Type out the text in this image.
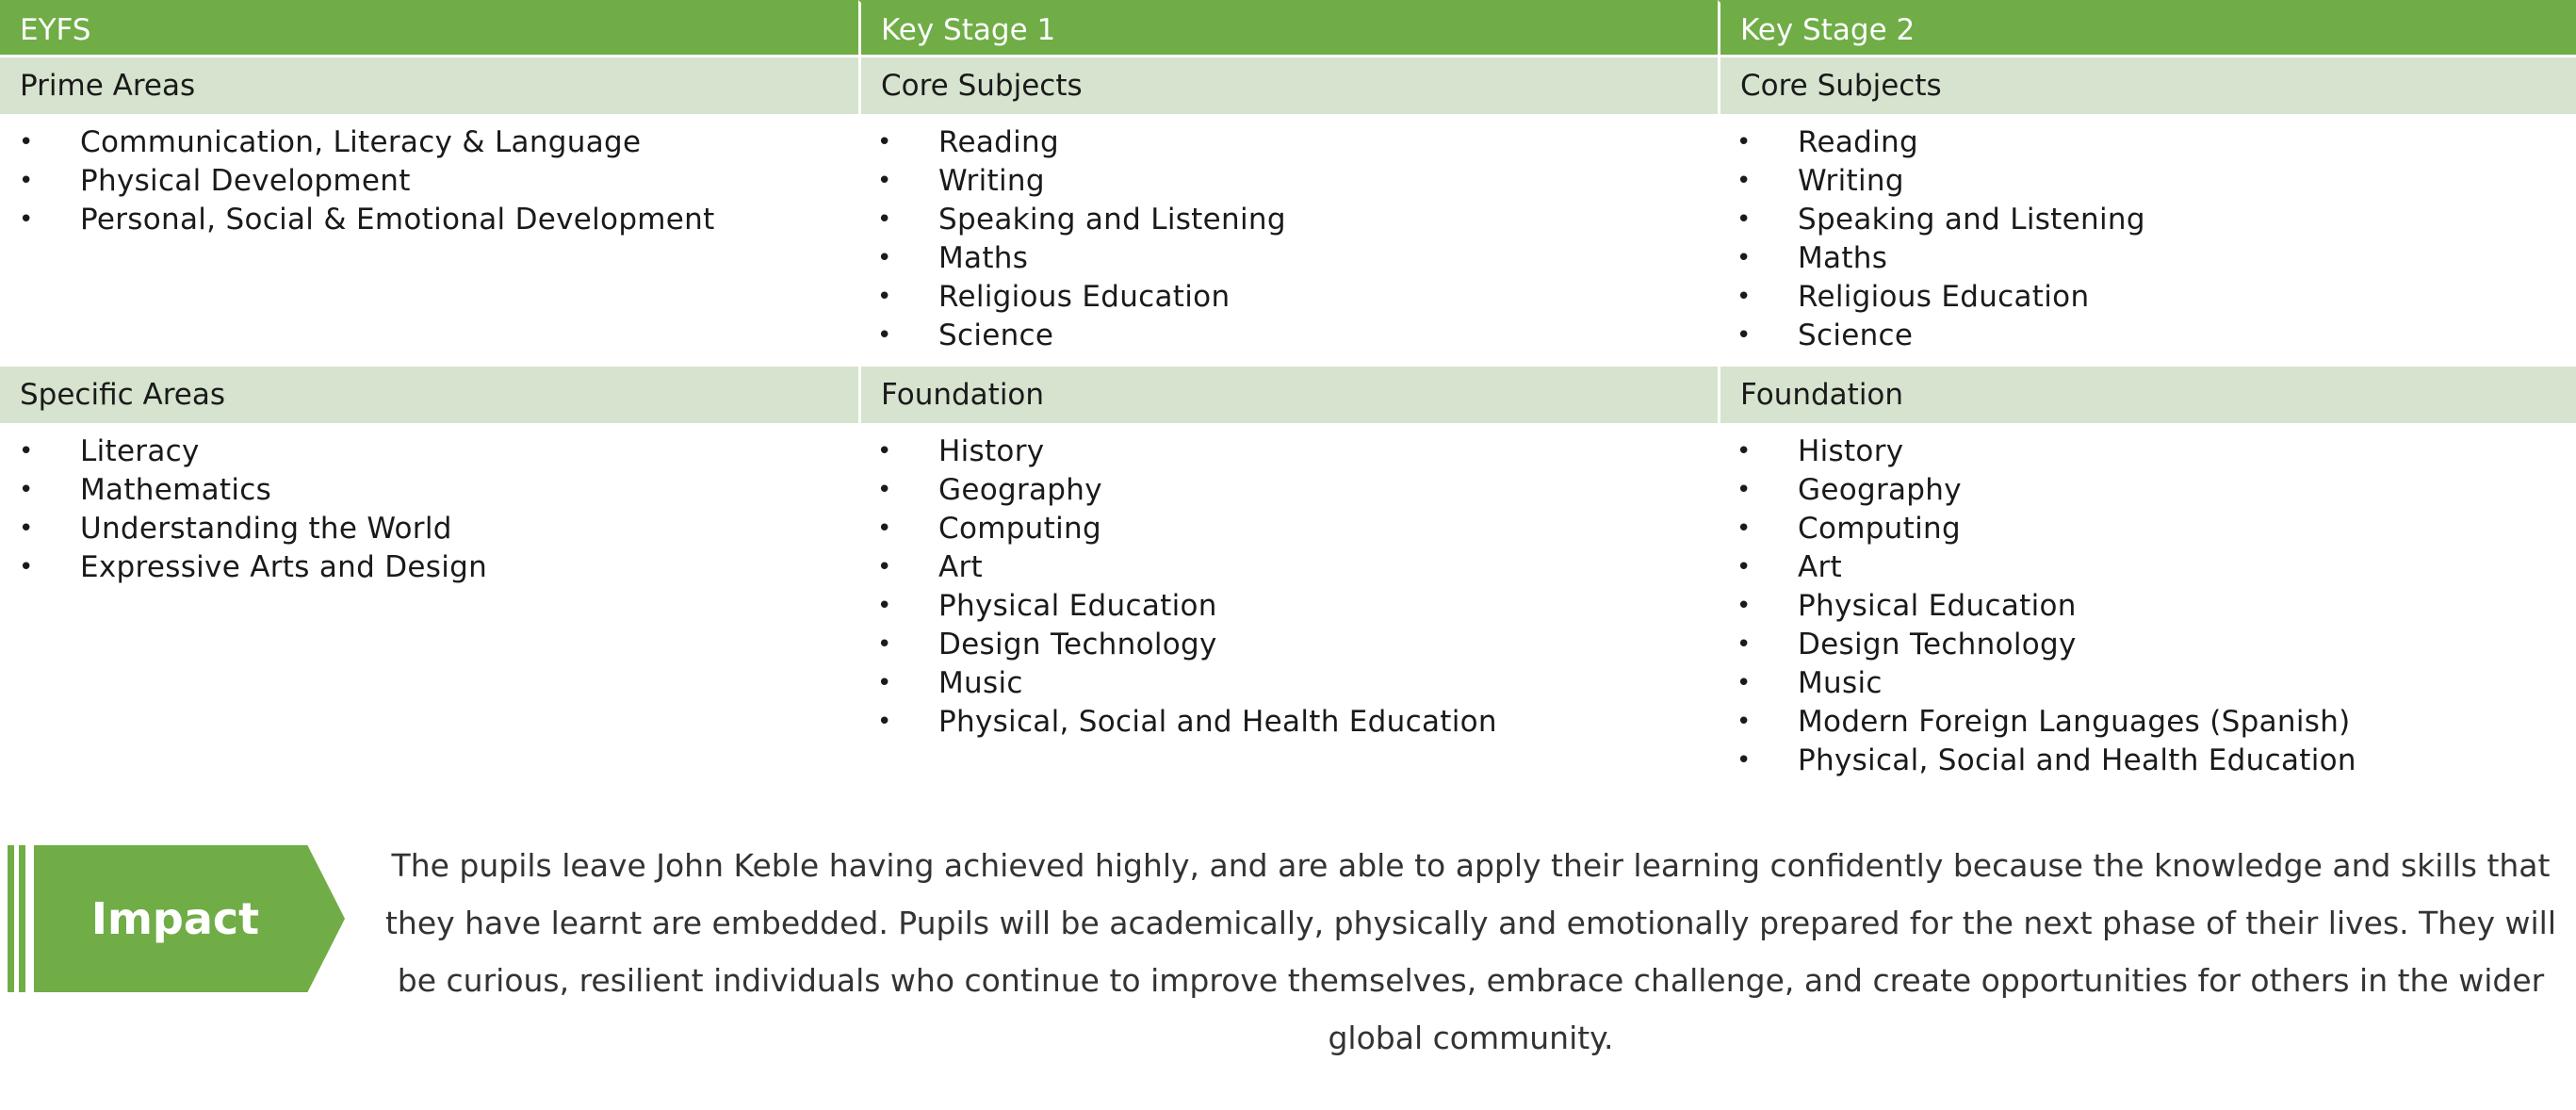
EYFS
Prime Areas
• Communication, Literacy & Language
• Physical Development
• Personal, Social & Emotional Development
Specific Areas
• Literacy
• Mathematics
• Understanding the World
• Expressive Arts and Design
Key Stage 1
Core Subjects
• Reading
• Writing
• Speaking and Listening
• Maths
• Religious Education
• Science
Foundation
• History
• Geography
• Computing
• Art
• Physical Education
• Design Technology
• Music
• Physical, Social and Health Education
Key Stage 2
Core Subjects
• Reading
• Writing
• Speaking and Listening
• Maths
• Religious Education
• Science
Foundation
• History
• Geography
• Computing
• Art
• Physical Education
• Design Technology
• Music
• Modern Foreign Languages (Spanish)
• Physical, Social and Health Education
Impact
The pupils leave John Keble having achieved highly, and are able to apply their learning confidently because the knowledge and skills that they have learnt are embedded. Pupils will be academically, physically and emotionally prepared for the next phase of their lives. They will be curious, resilient individuals who continue to improve themselves, embrace challenge, and create opportunities for others in the wider global community.
